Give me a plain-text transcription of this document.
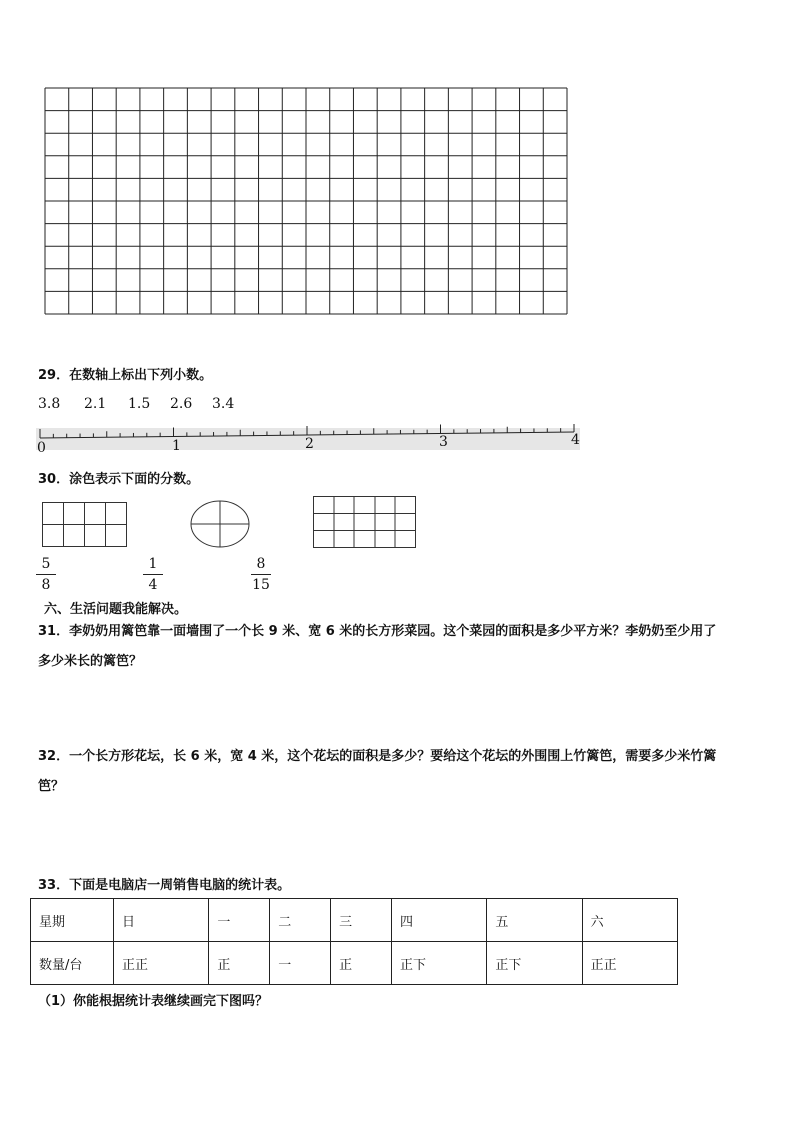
29．在数轴上标出下列小数。
3.8 2.1 1.5 2.6 3.4
0	1	2	3	4
30．涂色表示下面的分数。
5
8
1
4
8
15
六、生活问题我能解决。
31．李奶奶用篱笆靠一面墙围了一个长 9 米、宽 6 米的长方形菜园。这个菜园的面积是多少平方米？李奶奶至少用了
多少米长的篱笆？
32．一个长方形花坛，长 6 米，宽 4 米，这个花坛的面积是多少？要给这个花坛的外围围上竹篱笆，需要多少米竹篱
笆？
33．下面是电脑店一周销售电脑的统计表。
星期	日	一	二	三	四	五	六
数量/台	正正	正	一	正	正下	正下	正正
（1）你能根据统计表继续画完下图吗？
